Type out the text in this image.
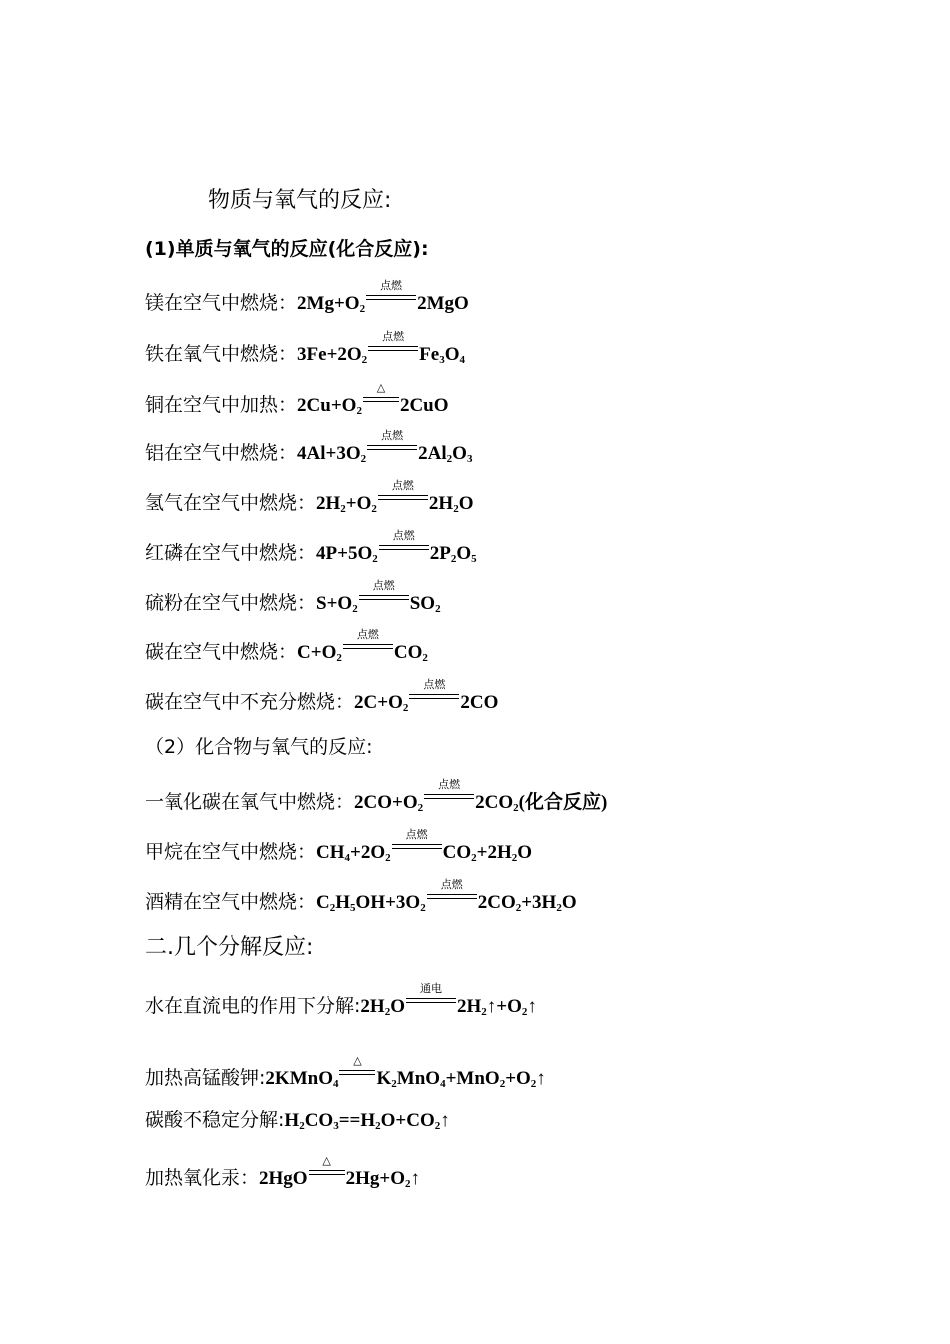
物质与氧气的反应:
(1)单质与氧气的反应(化合反应):
镁在空气中燃烧：$2Mg+O_2$
点燃
2MgO
铁在氧气中燃烧：$3Fe+2O_2$
点燃
$Fe_3O_4$
铜在空气中加热：$2Cu+O_2$
△
2CuO
铝在空气中燃烧：$4Al+3O_2$
点燃
$2Al_2O_3$
氢气在空气中燃烧：$2H_2+O_2$
点燃
$2H_2O$
红磷在空气中燃烧：$4P+5O_2$
点燃
$2P_2O_5$
硫粉在空气中燃烧：$S+O_2$
点燃
$SO_2$
碳在空气中燃烧：$C+O_2$
点燃
$CO_2$
碳在空气中不充分燃烧：$2C+O_2$
点燃
2CO
（2）化合物与氧气的反应:
一氧化碳在氧气中燃烧：$2CO+O_2$
点燃
$2CO_2$(化合反应)
甲烷在空气中燃烧：$CH_4+2O_2$
点燃
$CO_2+2H_2O$
酒精在空气中燃烧：$C_2H_5OH+3O_2$
点燃
$2CO_2+3H_2O$
二.几个分解反应:
水在直流电的作用下分解$:2H_2O$
通电
$2H_2↑+O_2↑$
加热高锰酸钾:2KMnO$_4$
△
$K_2MnO_4+MnO_2+O_2↑$
碳酸不稳定分解$:H_2CO_3==H_2O+CO_2↑$
加热氧化汞：2HgO
△
$2Hg+O_2↑$
